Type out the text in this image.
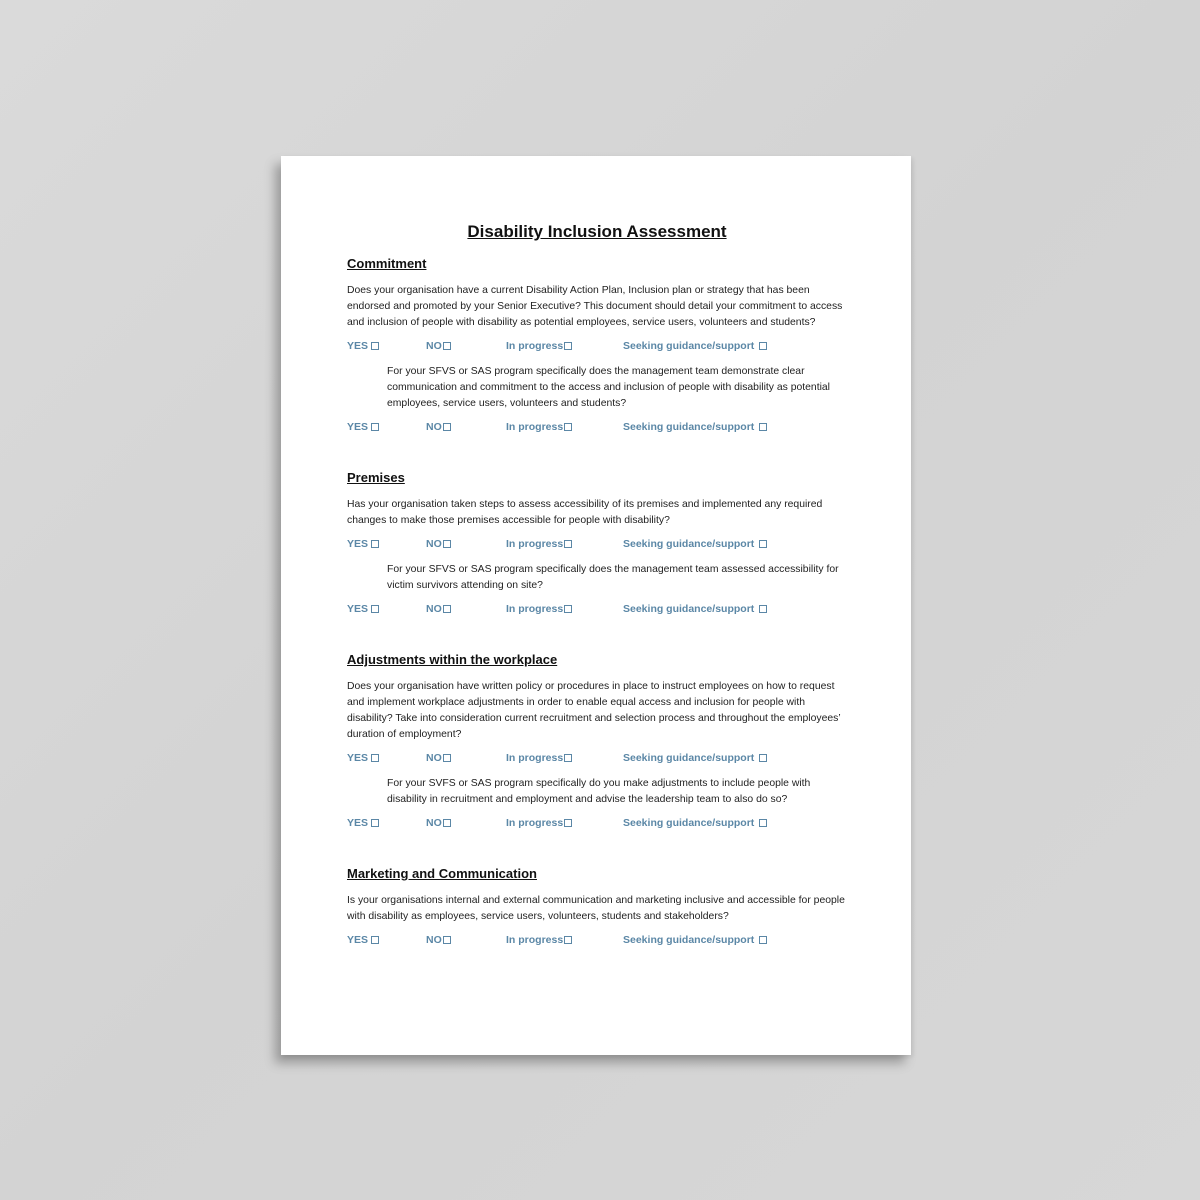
Disability Inclusion Assessment
Commitment
Does your organisation have a current Disability Action Plan, Inclusion plan or strategy that has been endorsed and promoted by your Senior Executive? This document should detail your commitment to access and inclusion of people with disability as potential employees, service users, volunteers and students?
YES	NO	In progress	Seeking guidance/support
For your SFVS or SAS program specifically does the management team demonstrate clear communication and commitment to the access and inclusion of people with disability as potential employees, service users, volunteers and students?
YES	NO	In progress	Seeking guidance/support
Premises
Has your organisation taken steps to assess accessibility of its premises and implemented any required changes to make those premises accessible for people with disability?
YES	NO	In progress	Seeking guidance/support
For your SFVS or SAS program specifically does the management team assessed accessibility for victim survivors attending on site?
YES	NO	In progress	Seeking guidance/support
Adjustments within the workplace
Does your organisation have written policy or procedures in place to instruct employees on how to request and implement workplace adjustments in order to enable equal access and inclusion for people with disability? Take into consideration current recruitment and selection process and throughout the employees’ duration of employment?
YES	NO	In progress	Seeking guidance/support
For your SVFS or SAS program specifically do you make adjustments to include people with disability in recruitment and employment and advise the leadership team to also do so?
YES	NO	In progress	Seeking guidance/support
Marketing and Communication
Is your organisations internal and external communication and marketing inclusive and accessible for people with disability as employees, service users, volunteers, students and stakeholders?
YES	NO	In progress	Seeking guidance/support
